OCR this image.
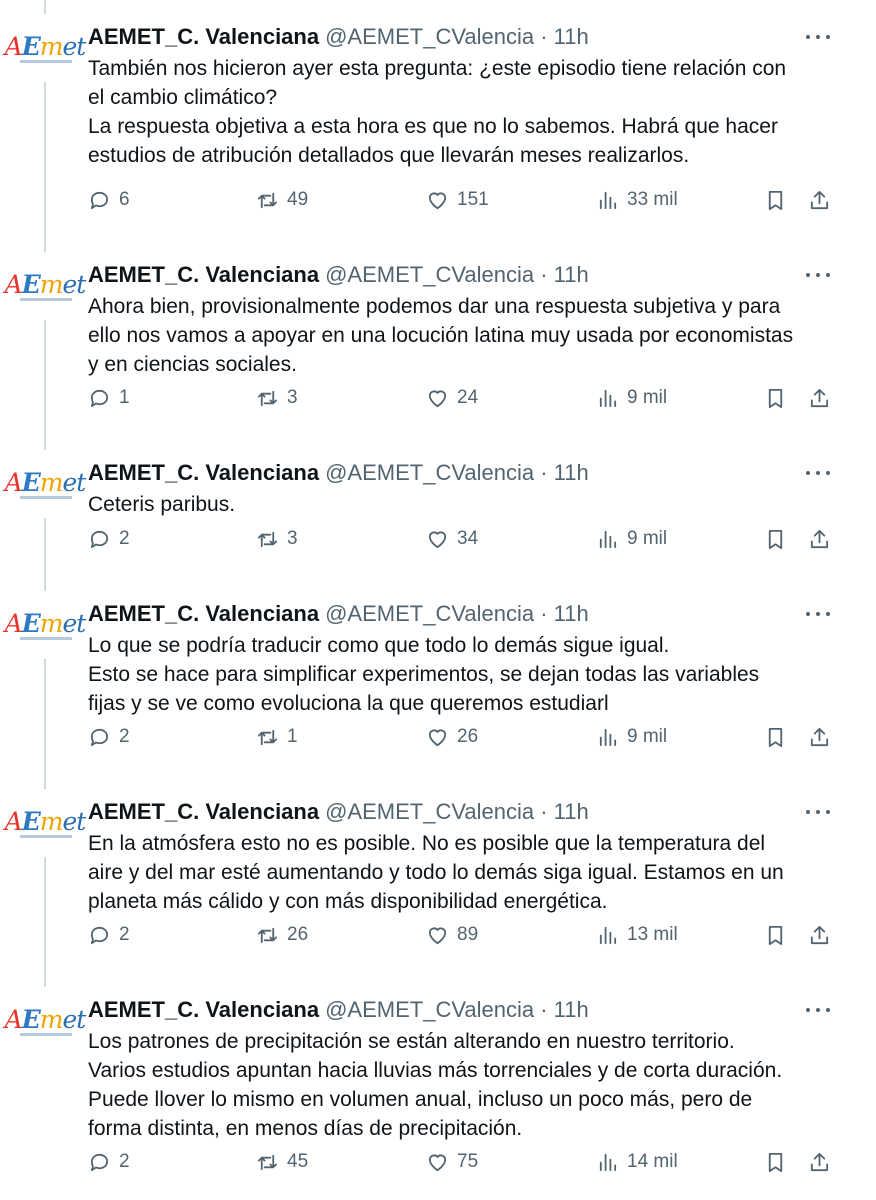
AEmet AEMET_C. Valenciana @AEMET_CValencia · 11h
También nos hicieron ayer esta pregunta: ¿este episodio tiene relación con
el cambio climático?
La respuesta objetiva a esta hora es que no lo sabemos. Habrá que hacer
estudios de atribución detallados que llevarán meses realizarlos.
6	49	151	33 mil
AEmet AEMET_C. Valenciana @AEMET_CValencia · 11h
Ahora bien, provisionalmente podemos dar una respuesta subjetiva y para
ello nos vamos a apoyar en una locución latina muy usada por economistas
y en ciencias sociales.
1	3	24	9 mil
AEmet AEMET_C. Valenciana @AEMET_CValencia · 11h
Ceteris paribus.
2	3	34	9 mil
AEmet AEMET_C. Valenciana @AEMET_CValencia · 11h
Lo que se podría traducir como que todo lo demás sigue igual.
Esto se hace para simplificar experimentos, se dejan todas las variables
fijas y se ve como evoluciona la que queremos estudiarl
2	1	26	9 mil
AEmet AEMET_C. Valenciana @AEMET_CValencia · 11h
En la atmósfera esto no es posible. No es posible que la temperatura del
aire y del mar esté aumentando y todo lo demás siga igual. Estamos en un
planeta más cálido y con más disponibilidad energética.
2	26	89	13 mil
AEmet AEMET_C. Valenciana @AEMET_CValencia · 11h
Los patrones de precipitación se están alterando en nuestro territorio.
Varios estudios apuntan hacia lluvias más torrenciales y de corta duración.
Puede llover lo mismo en volumen anual, incluso un poco más, pero de
forma distinta, en menos días de precipitación.
2	45	75	14 mil
